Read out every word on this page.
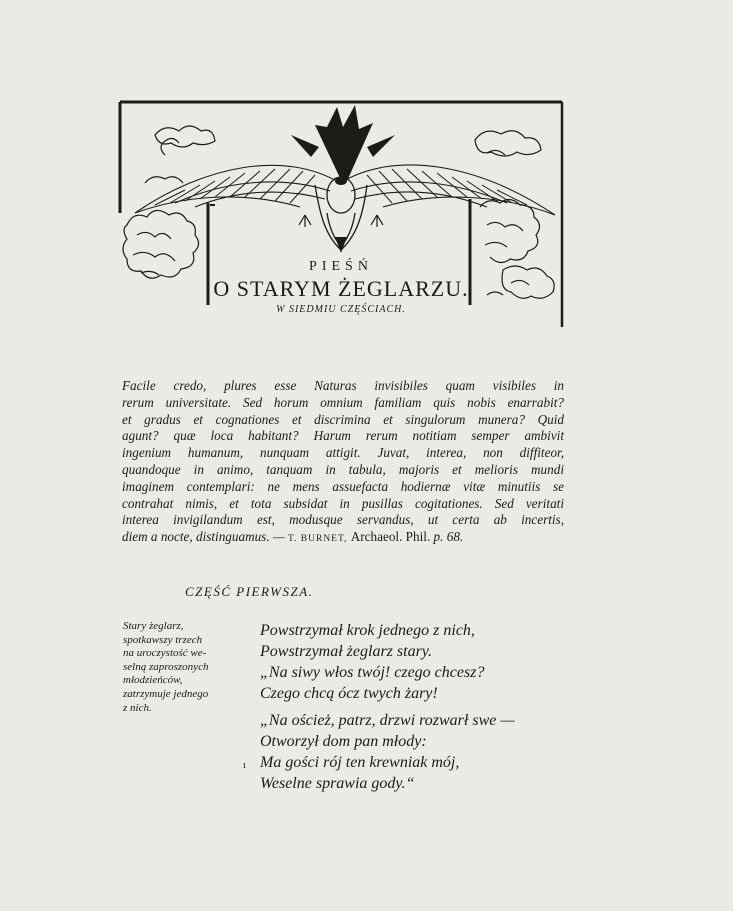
PIEŚŃ

O STARYM ŻEGLARZU.

W SIEDMIU CZĘŚCIACH.

Facile credo, plures esse Naturas invisibiles quam visibiles in
rerum universitate. Sed horum omnium familiam quis nobis enarrabit?
et gradus et cognationes et discrimina et singulorum munera? Quid
agunt? quæ loca habitant? Harum rerum notitiam semper ambivit
ingenium humanum, nunquam attigit. Juvat, interea, non diffiteor,
quandoque in animo, tanquam in tabula, majoris et melioris mundi
imaginem contemplari: ne mens assuefacta hodiernæ vitæ minutiis se
contrahat nimis, et tota subsidat in pusillas cogitationes. Sed veritati
interea invigilandum est, modusque servandus, ut certa ab incertis,
diem a nocte, distinguamus. — T. BURNET, Archaeol. Phil. p. 68.

CZĘŚĆ PIERWSZA.

Stary żeglarz,
spotkawszy trzech
na uroczystość we-
selną zaproszonych
młodzieńców,
zatrzymuje jednego
z nich.
Powstrzymał krok jednego z nich,
Powstrzymał żeglarz stary.
„Na siwy włos twój! czego chcesz?
Czego chcą ócz twych żary!
„Na oścież, patrz, drzwi rozwarł swe —
Otworzył dom pan młody:
Ma gości rój ten krewniak mój,
Weselne sprawia gody.“
ı
